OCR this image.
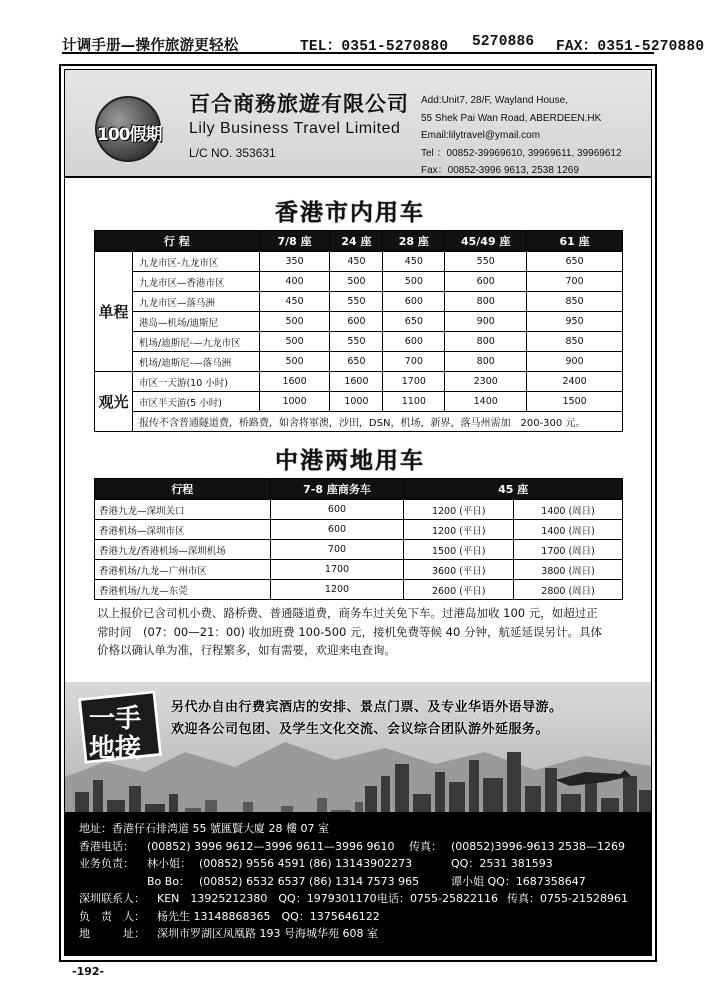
计调手册—操作旅游更轻松	TEL：0351-5270880 5270886 FAX：0351-5270880
100假期
百合商務旅遊有限公司
Lily Business Travel Limited
L/C NO. 353631
Add:Unit7, 28/F, Wayland House,
55 Shek Pai Wan Road, ABERDEEN.HK
Email:lilytravel@ymail.com
Tel ：00852-39969610, 39969611, 39969612
Fax：00852-3996 9613, 2538 1269
香港市内用车
行 程		7/8 座	24 座	28 座	45/49 座	61 座
单程	九龙市区-九龙市区	350	450	450	550	650
	九龙市区—香港市区	400	500	500	600	700
	九龙市区—落马洲	450	550	600	800	850
	港岛—机场/迪斯尼	500	600	650	900	950
	机场/迪斯尼-—九龙市区	500	550	600	800	850
	机场/迪斯尼-—落马洲	500	650	700	800	900
观光	市区一天游(10 小时)	1600	1600	1700	2300	2400
	市区半天游(5 小时)	1000	1000	1100	1400	1500
	报传不含普通隧道费，桥路费，如舍将軍澳，沙田，DSN，机场，新界，落马州需加　200-300 元。					
中港两地用车
行程	7-8 座商务车	45 座	
香港九龙—深圳关口	600	1200 (平日)	1400 (周日)
香港机场—深圳市区	600	1200 (平日)	1400 (周日)
香港九龙/香港机场—深圳机场	700	1500 (平日)	1700 (周日)
香港机场/九龙—广州市区	1700	3600 (平日)	3800 (周日)
香港机场/九龙—东莞	1200	2600 (平日)	2800 (周日)
以上报价已含司机小费、路桥费、普通隧道费，商务车过关免下车。过港岛加收 100 元，如超过正
常时间　(07：00—21：00) 收加班费 100-500 元，接机免费等候 40 分钟，航延延误另计。具体
价格以确认单为准，行程繁多，如有需要，欢迎来电查询。
一手
地接
另代办自由行费宾酒店的安排、景点门票、及专业华语外语导游。
欢迎各公司包团、及学生文化交流、会议综合团队游外延服务。
地址：香港仔石排湾道 55 號匯賢大廈 28 樓 07 室
香港电话： (00852) 3996 9612—3996 9611—3996 9610 传真： (00852)3996-9613 2538—1269
业务负责： 林小姐： (00852) 9556 4591 (86) 13143902273	QQ：2531 381593
Bo Bo： (00852) 6532 6537 (86) 1314 7573 965	谭小姐 QQ：1687358647
深圳联系人： KEN　13925212380　QQ：1979301170 电话：0755-25822116 传真：0755-21528961
负　责　人： 杨先生 13148868365　QQ：1375646122
地　　　址： 深圳市罗湖区凤凰路 193 号海城华苑 608 室
-192-
